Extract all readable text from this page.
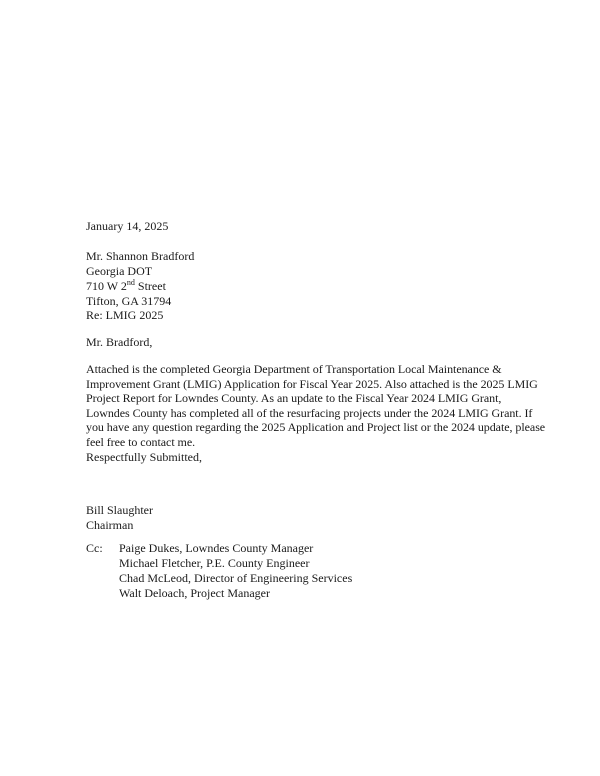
January 14, 2025

Mr. Shannon Bradford
Georgia DOT
710 W 2nd Street
Tifton, GA 31794

Re: LMIG 2025

Mr. Bradford,

Attached is the completed Georgia Department of Transportation Local Maintenance &
Improvement Grant (LMIG) Application for Fiscal Year 2025. Also attached is the 2025 LMIG
Project Report for Lowndes County. As an update to the Fiscal Year 2024 LMIG Grant,
Lowndes County has completed all of the resurfacing projects under the 2024 LMIG Grant. If
you have any question regarding the 2025 Application and Project list or the 2024 update, please
feel free to contact me.

Respectfully Submitted,

Bill Slaughter
Chairman

Cc: Paige Dukes, Lowndes County Manager
Michael Fletcher, P.E. County Engineer
Chad McLeod, Director of Engineering Services
Walt Deloach, Project Manager
